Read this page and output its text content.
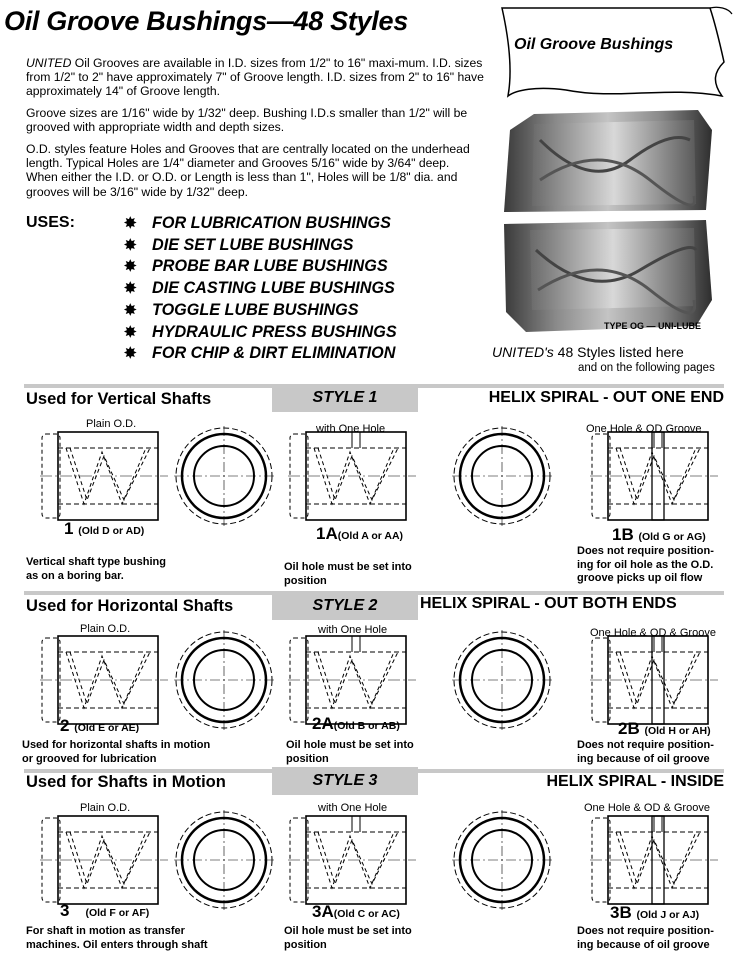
Oil Groove Bushings—48 Styles
Oil Groove Bushings
UNITED Oil Grooves are available in I.D. sizes from 1/2" to 16" maxi-mum. I.D. sizes from 1/2" to 2" have approximately 7" of Groove length. I.D. sizes from 2" to 16" have approximately 14" of Groove length.
Groove sizes are 1/16" wide by 1/32" deep. Bushing I.D.s smaller than 1/2" will be grooved with appropriate width and depth sizes.
O.D. styles feature Holes and Grooves that are centrally located on the underhead length. Typical Holes are 1/4" diameter and Grooves 5/16" wide by 3/64" deep. When either the I.D. or O.D. or Length is less than 1", Holes will be 1/8" dia. and grooves will be 3/16" wide by 1/32" deep.
USES:	✸ FOR LUBRICATION BUSHINGS
✸ DIE SET LUBE BUSHINGS
✸ PROBE BAR LUBE BUSHINGS
✸ DIE CASTING LUBE BUSHINGS
✸ TOGGLE LUBE BUSHINGS
✸ HYDRAULIC PRESS BUSHINGS
✸ FOR CHIP & DIRT ELIMINATION
TYPE OG — UNI-LUBE
UNITED's 48 Styles listed here
and on the following pages
Used for Vertical Shafts	STYLE 1	HELIX SPIRAL - OUT ONE END
Used for Horizontal Shafts	STYLE 2	HELIX SPIRAL - OUT BOTH ENDS
Used for Shafts in Motion	STYLE 3	HELIX SPIRAL - INSIDE
Plain O.D.	with One Hole	One Hole & OD Groove
1 (Old D or AD)	1A(Old A or AA)	1B (Old G or AG)
Vertical shaft type bushing
as on a boring bar.
Oil hole must be set into
position
Does not require position-
ing for oil hole as the O.D.
groove picks up oil flow
Plain O.D.	with One Hole	One Hole & OD & Groove
2 (Old E or AE)	2A(Old B or AB)	2B (Old H or AH)
Used for horizontal shafts in motion
or grooved for lubrication
Oil hole must be set into
position
Does not require position-
ing because of oil groove
Plain O.D.	with One Hole	One Hole & OD & Groove
3 (Old F or AF)	3A(Old C or AC)	3B (Old J or AJ)
For shaft in motion as transfer
machines. Oil enters through shaft
Oil hole must be set into
position
Does not require position-
ing because of oil groove
